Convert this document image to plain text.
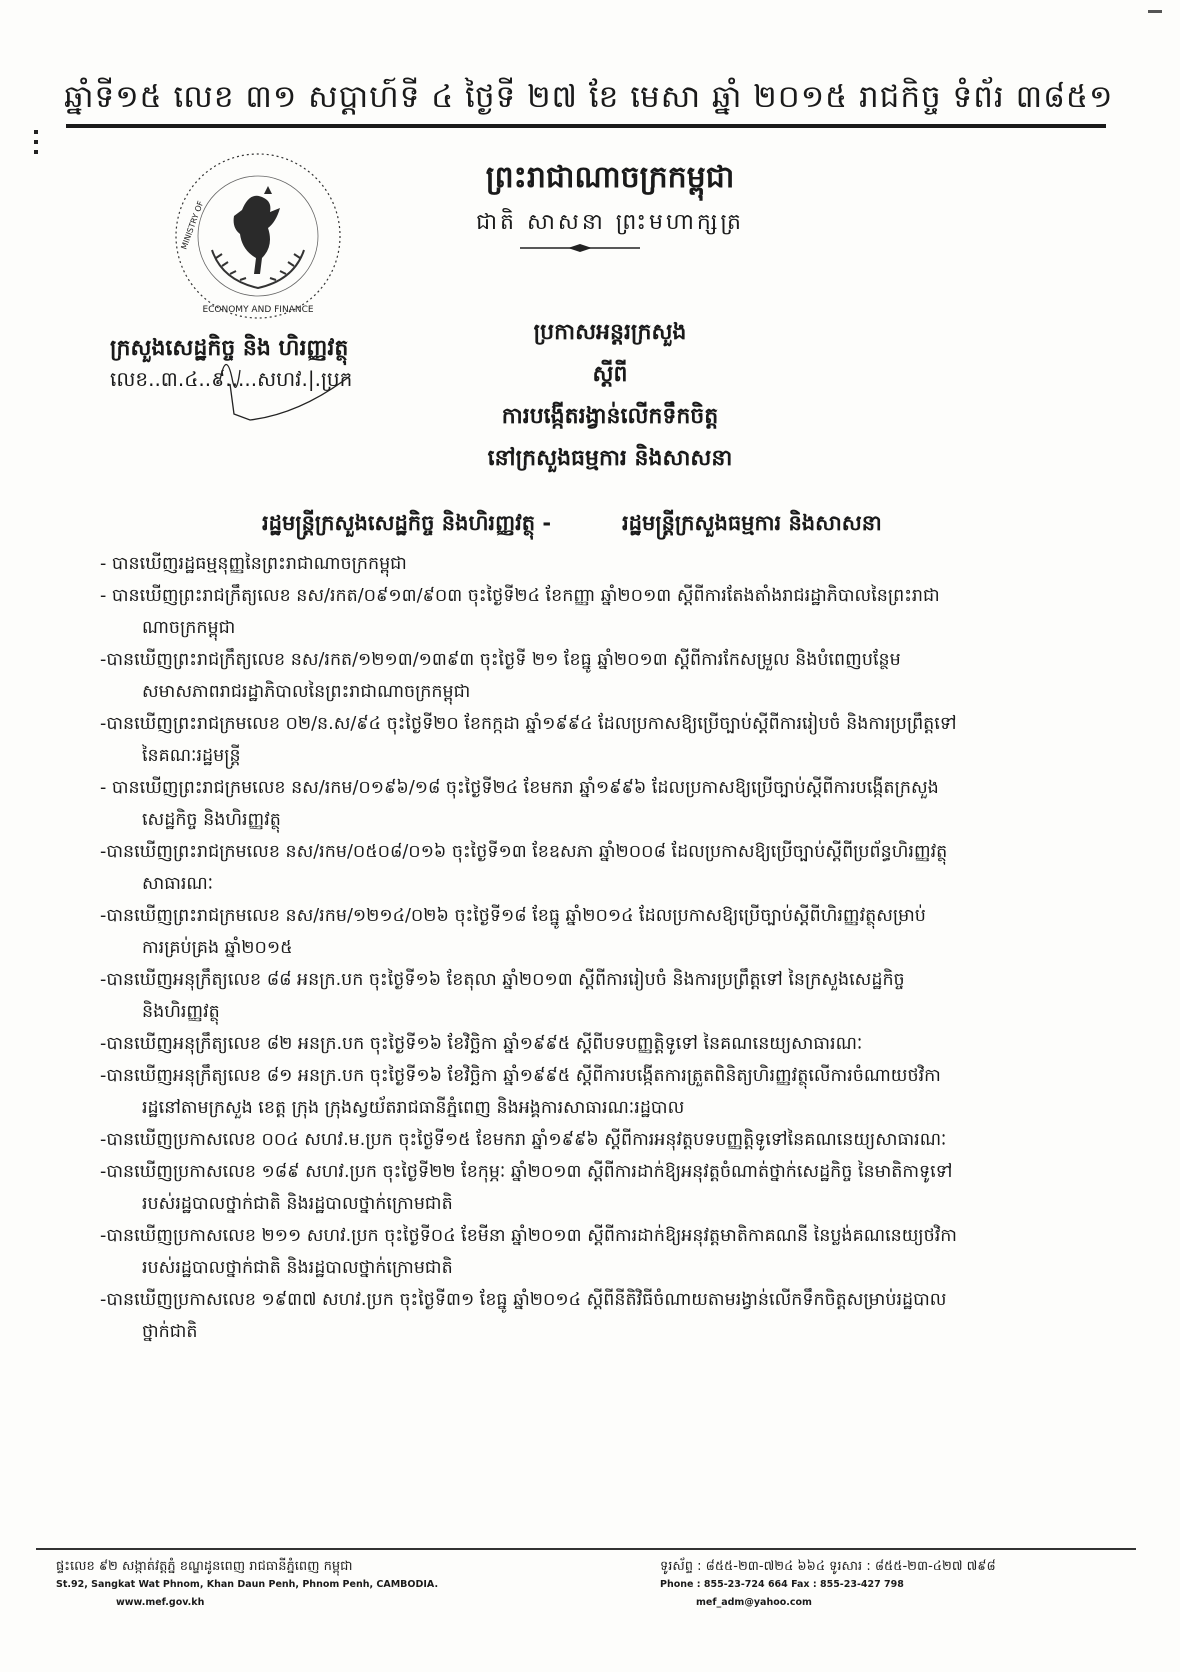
ឆ្នាំទី១៥ លេខ ៣១ សប្តាហ៍ទី ៤ ថ្ងៃទី ២៧ ខែ មេសា ឆ្នាំ ២០១៥ រាជកិច្ច ទំព័រ ៣៨៥១
ព្រះរាជាណាចក្រកម្ពុជា
ជាតិ សាសនា ព្រះមហាក្សត្រ
ECONOMY AND FINANCE
MINISTRY OF
ក្រសួងសេដ្ឋកិច្ច និង ហិរញ្ញវត្ថុ
លេខ..៣.៤..៩.....សហវ.|.ប្រក
ប្រកាសអន្តរក្រសួង
ស្តីពី
ការបង្កើតរង្វាន់លើកទឹកចិត្ត
នៅក្រសួងធម្មការ និងសាសនា
រដ្ឋមន្ត្រីក្រសួងសេដ្ឋកិច្ច និងហិរញ្ញវត្ថុ -	រដ្ឋមន្ត្រីក្រសួងធម្មការ និងសាសនា
- បានឃើញរដ្ឋធម្មនុញ្ញនៃព្រះរាជាណាចក្រកម្ពុជា
- បានឃើញព្រះរាជក្រឹត្យលេខ នស/រកត/០៩១៣/៩០៣ ចុះថ្ងៃទី២៤ ខែកញ្ញា ឆ្នាំ២០១៣ ស្តីពីការតែងតាំងរាជរដ្ឋាភិបាលនៃព្រះរាជា
ណាចក្រកម្ពុជា
-បានឃើញព្រះរាជក្រឹត្យលេខ នស/រកត/១២១៣/១៣៩៣ ចុះថ្ងៃទី ២១ ខែធ្នូ ឆ្នាំ២០១៣ ស្តីពីការកែសម្រួល និងបំពេញបន្ថែម
សមាសភាពរាជរដ្ឋាភិបាលនៃព្រះរាជាណាចក្រកម្ពុជា
-បានឃើញព្រះរាជក្រមលេខ ០២/ន.ស/៩៤ ចុះថ្ងៃទី២០ ខែកក្កដា ឆ្នាំ១៩៩៤ ដែលប្រកាសឱ្យប្រើច្បាប់ស្តីពីការរៀបចំ និងការប្រព្រឹត្តទៅ
នៃគណៈរដ្ឋមន្ត្រី
- បានឃើញព្រះរាជក្រមលេខ នស/រកម/០១៩៦/១៨ ចុះថ្ងៃទី២៤ ខែមករា ឆ្នាំ១៩៩៦ ដែលប្រកាសឱ្យប្រើច្បាប់ស្តីពីការបង្កើតក្រសួង
សេដ្ឋកិច្ច និងហិរញ្ញវត្ថុ
-បានឃើញព្រះរាជក្រមលេខ នស/រកម/០៥០៨/០១៦ ចុះថ្ងៃទី១៣ ខែឧសភា ឆ្នាំ២០០៨ ដែលប្រកាសឱ្យប្រើច្បាប់ស្តីពីប្រព័ន្ធហិរញ្ញវត្ថុ
សាធារណៈ
-បានឃើញព្រះរាជក្រមលេខ នស/រកម/១២១៤/០២៦ ចុះថ្ងៃទី១៨ ខែធ្នូ ឆ្នាំ២០១៤ ដែលប្រកាសឱ្យប្រើច្បាប់ស្តីពីហិរញ្ញវត្ថុសម្រាប់
ការគ្រប់គ្រង ឆ្នាំ២០១៥
-បានឃើញអនុក្រឹត្យលេខ ៨៨ អនក្រ.បក ចុះថ្ងៃទី១៦ ខែតុលា ឆ្នាំ២០១៣ ស្តីពីការរៀបចំ និងការប្រព្រឹត្តទៅ នៃក្រសួងសេដ្ឋកិច្ច
និងហិរញ្ញវត្ថុ
-បានឃើញអនុក្រឹត្យលេខ ៨២ អនក្រ.បក ចុះថ្ងៃទី១៦ ខែវិច្ឆិកា ឆ្នាំ១៩៩៥ ស្តីពីបទបញ្ញត្តិទូទៅ នៃគណនេយ្យសាធារណៈ
-បានឃើញអនុក្រឹត្យលេខ ៨១ អនក្រ.បក ចុះថ្ងៃទី១៦ ខែវិច្ឆិកា ឆ្នាំ១៩៩៥ ស្តីពីការបង្កើតការត្រួតពិនិត្យហិរញ្ញវត្ថុលើការចំណាយថវិកា
រដ្ឋនៅតាមក្រសួង ខេត្ត ក្រុង ក្រុងស្វយ័តរាជធានីភ្នំពេញ និងអង្គការសាធារណៈរដ្ឋបាល
-បានឃើញប្រកាសលេខ ០០៤ សហវ.ម.ប្រក ចុះថ្ងៃទី១៥ ខែមករា ឆ្នាំ១៩៩៦ ស្តីពីការអនុវត្តបទបញ្ញត្តិទូទៅនៃគណនេយ្យសាធារណៈ
-បានឃើញប្រកាសលេខ ១៨៩ សហវ.ប្រក ចុះថ្ងៃទី២២ ខែកុម្ភៈ ឆ្នាំ២០១៣ ស្តីពីការដាក់ឱ្យអនុវត្តចំណាត់ថ្នាក់សេដ្ឋកិច្ច នៃមាតិកាទូទៅ
របស់រដ្ឋបាលថ្នាក់ជាតិ និងរដ្ឋបាលថ្នាក់ក្រោមជាតិ
-បានឃើញប្រកាសលេខ ២១១ សហវ.ប្រក ចុះថ្ងៃទី០៤ ខែមីនា ឆ្នាំ២០១៣ ស្តីពីការដាក់ឱ្យអនុវត្តមាតិកាគណនី នៃប្លង់គណនេយ្យថវិកា
របស់រដ្ឋបាលថ្នាក់ជាតិ និងរដ្ឋបាលថ្នាក់ក្រោមជាតិ
-បានឃើញប្រកាសលេខ ១៩៣៧ សហវ.ប្រក ចុះថ្ងៃទី៣១ ខែធ្នូ ឆ្នាំ២០១៤ ស្តីពីនីតិវិធីចំណាយតាមរង្វាន់លើកទឹកចិត្តសម្រាប់រដ្ឋបាល
ថ្នាក់ជាតិ
ផ្ទះលេខ ៩២ សង្កាត់វត្តភ្នំ ខណ្ឌដូនពេញ រាជធានីភ្នំពេញ កម្ពុជា
St.92, Sangkat Wat Phnom, Khan Daun Penh, Phnom Penh, CAMBODIA.
www.mef.gov.kh
ទូរស័ព្ទ : ៨៥៥-២៣-៧២៤ ៦៦៤ ទូរសារ : ៨៥៥-២៣-៤២៧ ៧៩៨
Phone : 855-23-724 664 Fax : 855-23-427 798
mef_adm@yahoo.com
